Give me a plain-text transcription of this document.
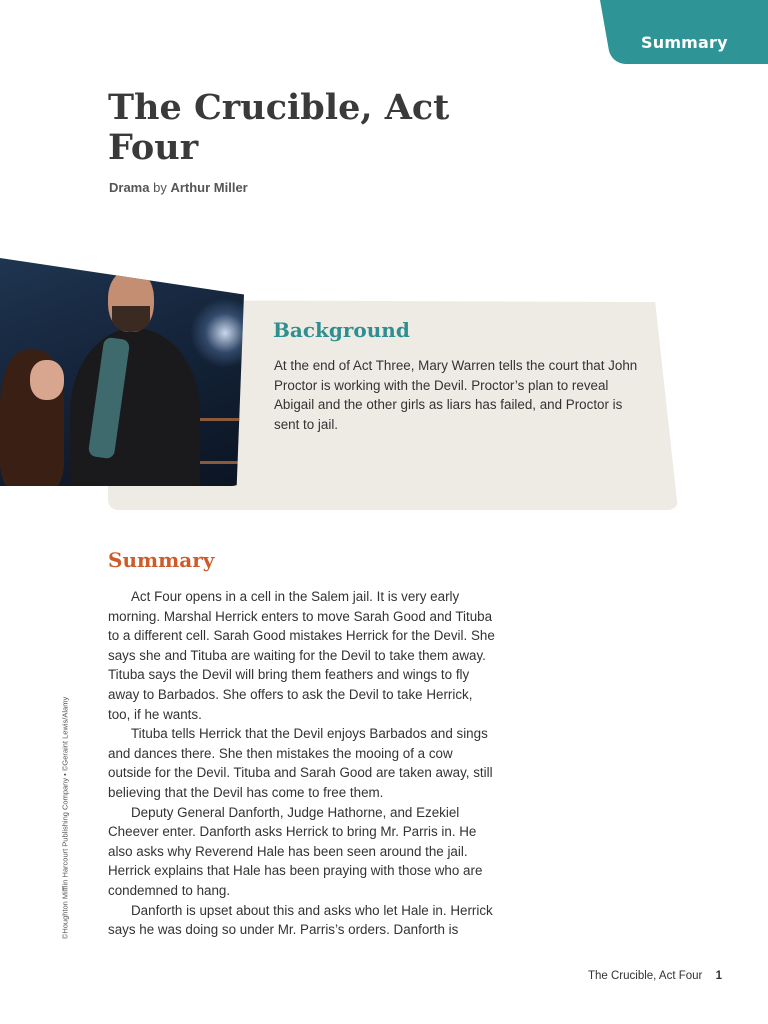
Summary
The Crucible, Act Four
Drama by Arthur Miller
Background

At the end of Act Three, Mary Warren tells the court that John Proctor is working with the Devil. Proctor’s plan to reveal Abigail and the other girls as liars has failed, and Proctor is sent to jail.

Summary

Act Four opens in a cell in the Salem jail. It is very early morning. Marshal Herrick enters to move Sarah Good and Tituba to a different cell. Sarah Good mistakes Herrick for the Devil. She says she and Tituba are waiting for the Devil to take them away. Tituba says the Devil will bring them feathers and wings to fly away to Barbados. She offers to ask the Devil to take Herrick, too, if he wants.

Tituba tells Herrick that the Devil enjoys Barbados and sings and dances there. She then mistakes the mooing of a cow outside for the Devil. Tituba and Sarah Good are taken away, still believing that the Devil has come to free them.

Deputy General Danforth, Judge Hathorne, and Ezekiel Cheever enter. Danforth asks Herrick to bring Mr. Parris in. He also asks why Reverend Hale has been seen around the jail. Herrick explains that Hale has been praying with those who are condemned to hang.

Danforth is upset about this and asks who let Hale in. Herrick says he was doing so under Mr. Parris’s orders. Danforth is

©Houghton Mifflin Harcourt Publishing Company • ©Geraint Lewis/Alamy
The Crucible, Act Four 1
